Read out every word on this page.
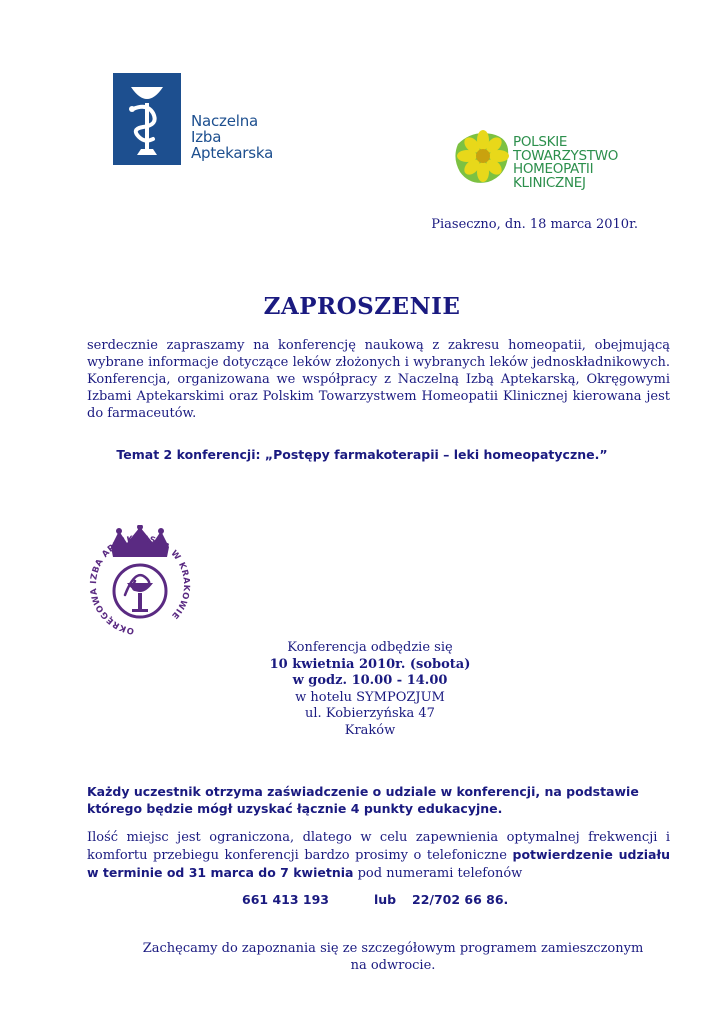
Naczelna
Izba
Aptekarska
POLSKIE
TOWARZYSTWO
HOMEOPATII
KLINICZNEJ
Piaseczno, dn. 18 marca 2010r.
ZAPROSZENIE

serdecznie zapraszamy na konferencję naukową z zakresu homeopatii, obejmującą wybrane informacje dotyczące leków złożonych i wybranych leków jednoskładnikowych. Konferencja, organizowana we współpracy z Naczelną Izbą Aptekarską, Okręgowymi Izbami Aptekarskimi oraz Polskim Towarzystwem Homeopatii Klinicznej kierowana jest do farmaceutów.

Temat 2 konferencji: „Postępy farmakoterapii – leki homeopatyczne.”
OKRĘGOWA IZBA APTEKARSKA W KRAKOWIE
Konferencja odbędzie się
10 kwietnia 2010r. (sobota)
w godz. 10.00 - 14.00
w hotelu SYMPOZJUM
ul. Kobierzyńska 47
Kraków

Każdy uczestnik otrzyma zaświadczenie o udziale w konferencji, na podstawie którego będzie mógł uzyskać łącznie 4 punkty edukacyjne.

Ilość miejsc jest ograniczona, dlatego w celu zapewnienia optymalnej frekwencji i komfortu przebiegu konferencji bardzo prosimy o telefoniczne potwierdzenie udziału w terminie od 31 marca do 7 kwietnia pod numerami telefonów

661 413 193	lub 22/702 66 86.
Zachęcamy do zapoznania się ze szczegółowym programem zamieszczonym
na odwrocie.
